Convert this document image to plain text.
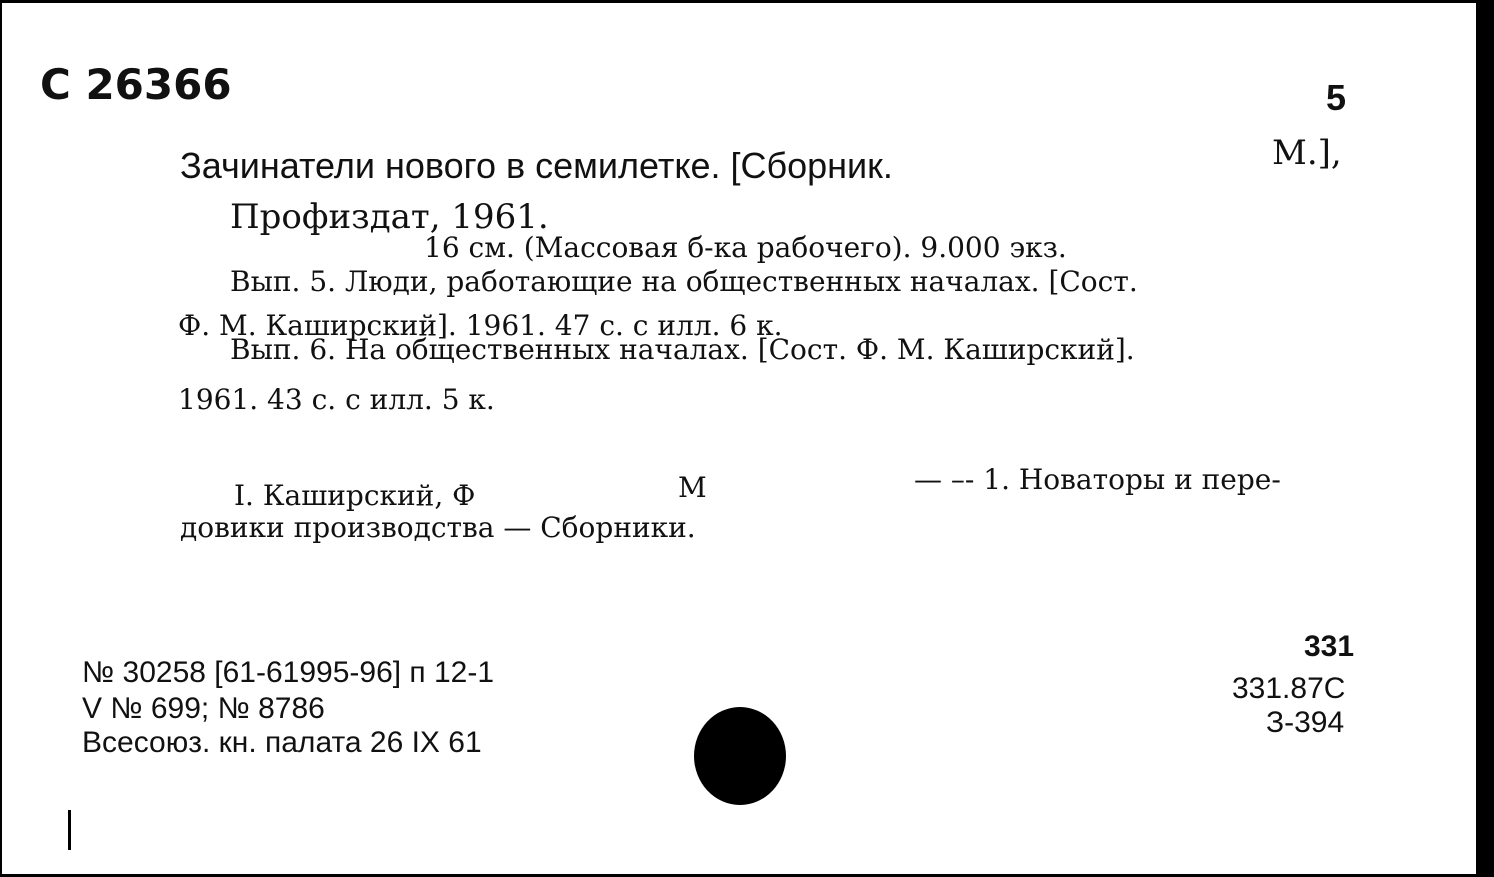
С 26366	5
Зачинатели нового в семилетке. [Сборник.	М.],
Профиздат, 1961.
16 см. (Массовая б-ка рабочего). 9.000 экз.
Вып. 5. Люди, работающие на общественных началах. [Сост.
Ф. М. Каширский]. 1961. 47 с. с илл. 6 к.
Вып. 6. На общественных началах. [Сост. Ф. М. Каширский].
1961. 43 с. с илл. 5 к.
I. Каширский, Ф	М	— –- 1. Новаторы и пере-
довики производства — Сборники.
№ 30258 [61-61995-96] п 12-1
V № 699; № 8786
Всесоюз. кн. палата 26 IX 61
331
331.87С
З-394
